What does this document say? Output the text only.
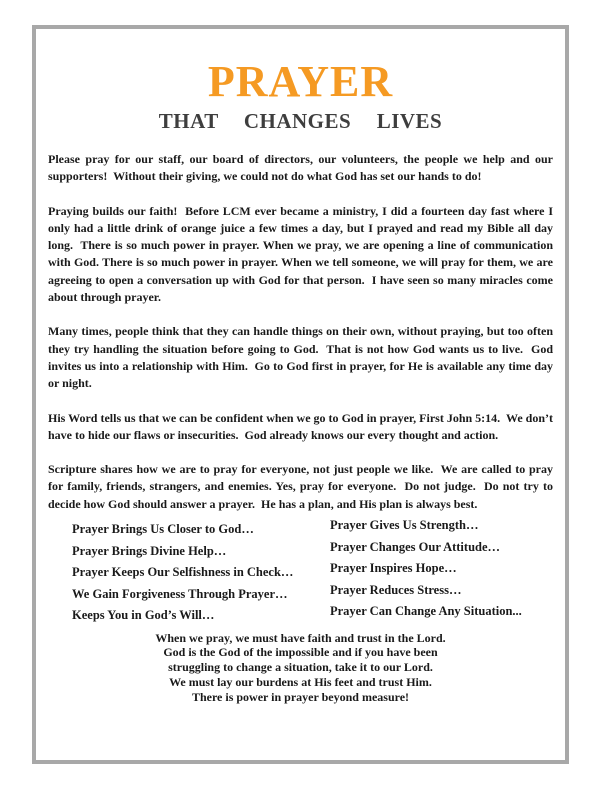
PRAYER
THAT  CHANGES  LIVES

Please pray for our staff, our board of directors, our volunteers, the people we help and our supporters!  Without their giving, we could not do what God has set our hands to do!

Praying builds our faith!  Before LCM ever became a ministry, I did a fourteen day fast where I only had a little drink of orange juice a few times a day, but I prayed and read my Bible all day long.  There is so much power in prayer. When we pray, we are opening a line of communication with God. There is so much power in prayer. When we tell someone, we will pray for them, we are agreeing to open a conversation up with God for that person.  I have seen so many miracles come about through prayer.

Many times, people think that they can handle things on their own, without praying, but too often they try handling the situation before going to God.  That is not how God wants us to live.  God invites us into a relationship with Him.  Go to God first in prayer, for He is available any time day or night.

His Word tells us that we can be confident when we go to God in prayer, First John 5:14.  We don’t have to hide our flaws or insecurities.  God already knows our every thought and action.

Scripture shares how we are to pray for everyone, not just people we like.  We are called to pray for family, friends, strangers, and enemies. Yes, pray for everyone.  Do not judge.  Do not try to decide how God should answer a prayer.  He has a plan, and His plan is always best.

Prayer Brings Us Closer to God…
Prayer Brings Divine Help…
Prayer Keeps Our Selfishness in Check…
We Gain Forgiveness Through Prayer…
Keeps You in God’s Will…
Prayer Gives Us Strength…
Prayer Changes Our Attitude…
Prayer Inspires Hope…
Prayer Reduces Stress…
Prayer Can Change Any Situation...
When we pray, we must have faith and trust in the Lord.
God is the God of the impossible and if you have been
struggling to change a situation, take it to our Lord.
We must lay our burdens at His feet and trust Him.
There is power in prayer beyond measure!
